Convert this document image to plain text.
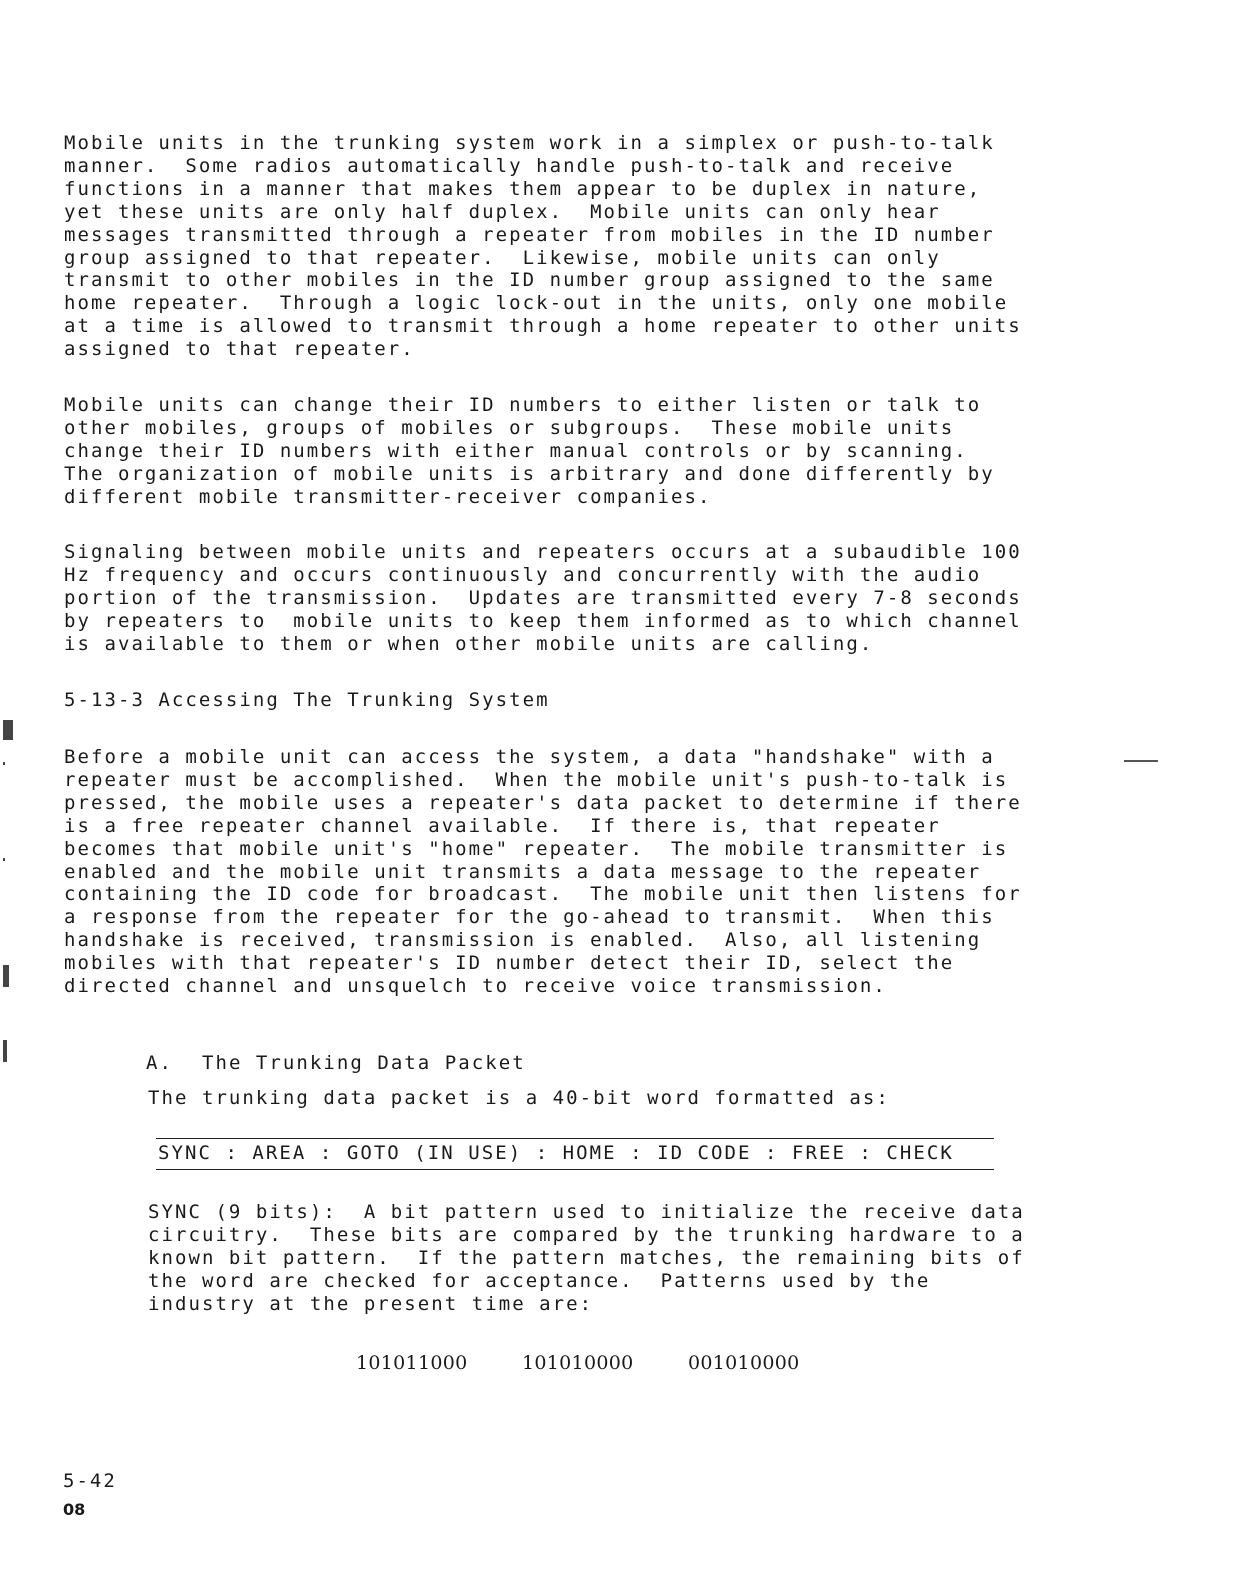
Mobile units in the trunking system work in a simplex or push-to-talk
manner.  Some radios automatically handle push-to-talk and receive
functions in a manner that makes them appear to be duplex in nature,
yet these units are only half duplex.  Mobile units can only hear
messages transmitted through a repeater from mobiles in the ID number
group assigned to that repeater.  Likewise, mobile units can only
transmit to other mobiles in the ID number group assigned to the same
home repeater.  Through a logic lock-out in the units, only one mobile
at a time is allowed to transmit through a home repeater to other units
assigned to that repeater.
Mobile units can change their ID numbers to either listen or talk to
other mobiles, groups of mobiles or subgroups.  These mobile units
change their ID numbers with either manual controls or by scanning.
The organization of mobile units is arbitrary and done differently by
different mobile transmitter-receiver companies.
Signaling between mobile units and repeaters occurs at a subaudible 100
Hz frequency and occurs continuously and concurrently with the audio
portion of the transmission.  Updates are transmitted every 7-8 seconds
by repeaters to  mobile units to keep them informed as to which channel
is available to them or when other mobile units are calling.
5-13-3 Accessing The Trunking System
Before a mobile unit can access the system, a data "handshake" with a
repeater must be accomplished.  When the mobile unit's push-to-talk is
pressed, the mobile uses a repeater's data packet to determine if there
is a free repeater channel available.  If there is, that repeater
becomes that mobile unit's "home" repeater.  The mobile transmitter is
enabled and the mobile unit transmits a data message to the repeater
containing the ID code for broadcast.  The mobile unit then listens for
a response from the repeater for the go-ahead to transmit.  When this
handshake is received, transmission is enabled.  Also, all listening
mobiles with that repeater's ID number detect their ID, select the
directed channel and unsquelch to receive voice transmission.

A. The Trunking Data Packet

The trunking data packet is a 40-bit word formatted as:
SYNC : AREA : GOTO (IN USE) : HOME : ID CODE : FREE : CHECK
SYNC (9 bits):  A bit pattern used to initialize the receive data
circuitry.  These bits are compared by the trunking hardware to a
known bit pattern.  If the pattern matches, the remaining bits of
the word are checked for acceptance.  Patterns used by the
industry at the present time are:
101011000	101010000	001010000
5-42
08
